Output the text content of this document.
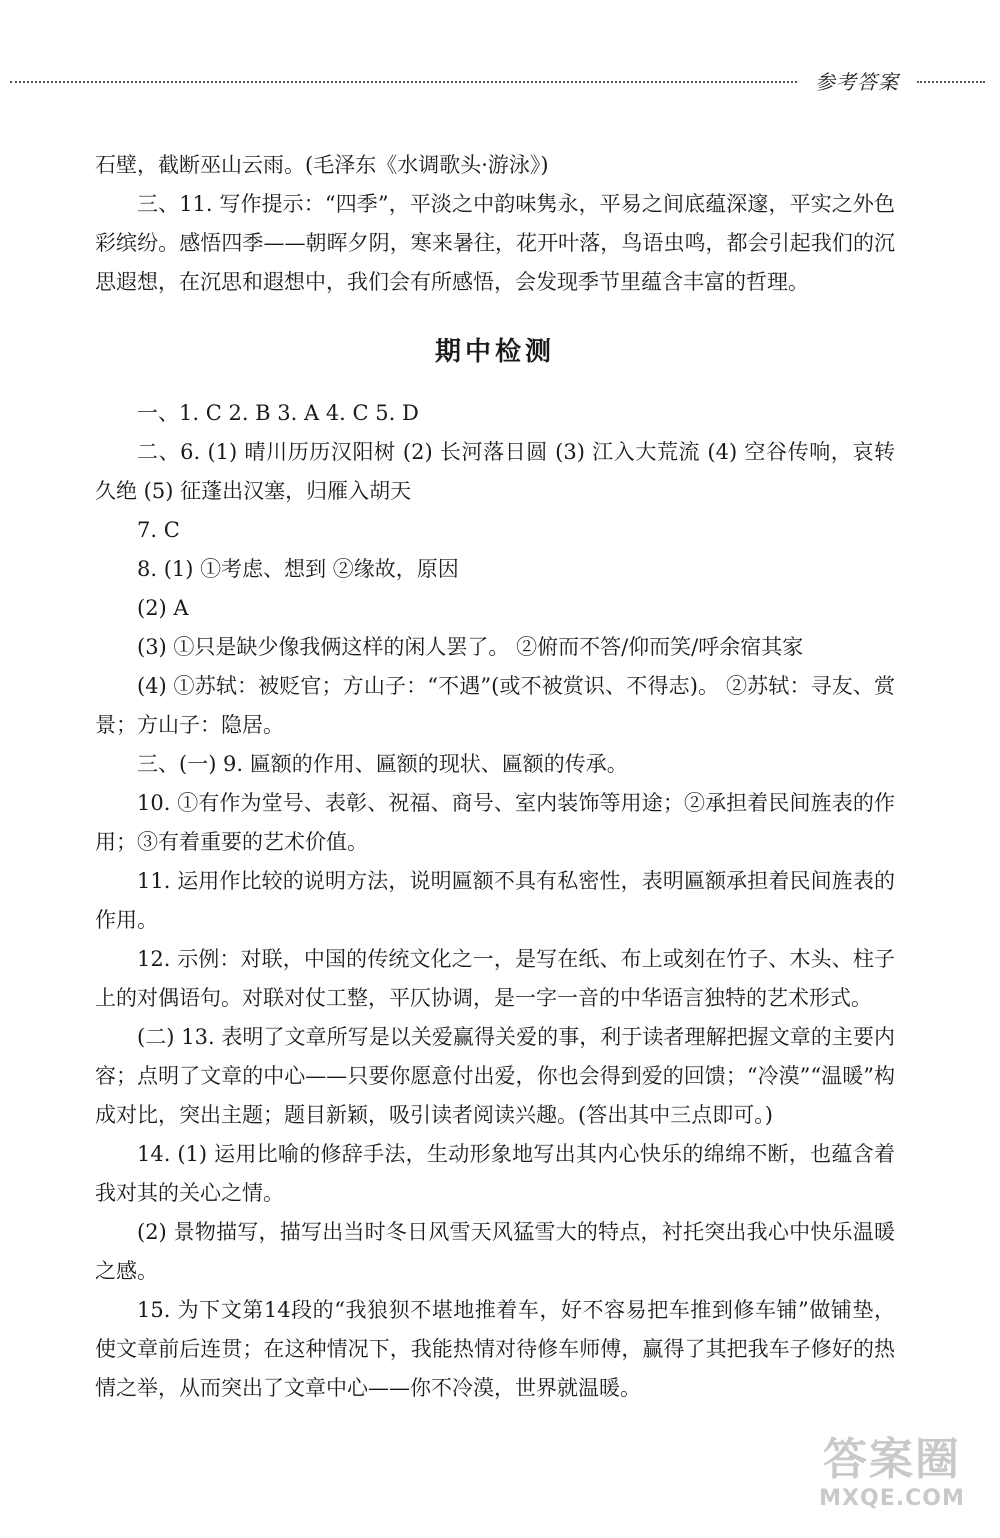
参考答案

石壁，截断巫山云雨。(毛泽东《水调歌头·游泳》)

三、11. 写作提示：“四季”，平淡之中韵味隽永，平易之间底蕴深邃，平实之外色彩缤纷。感悟四季——朝晖夕阴，寒来暑往，花开叶落，鸟语虫鸣，都会引起我们的沉思遐想，在沉思和遐想中，我们会有所感悟，会发现季节里蕴含丰富的哲理。

期中检测

一、1. C 2. B 3. A 4. C 5. D

二、6. (1) 晴川历历汉阳树 (2) 长河落日圆 (3) 江入大荒流 (4) 空谷传响，哀转久绝 (5) 征蓬出汉塞，归雁入胡天

7. C

8. (1) ①考虑、想到 ②缘故，原因

(2) A

(3) ①只是缺少像我俩这样的闲人罢了。 ②俯而不答/仰而笑/呼余宿其家

(4) ①苏轼：被贬官；方山子：“不遇”(或不被赏识、不得志)。 ②苏轼：寻友、赏景；方山子：隐居。

三、(一) 9. 匾额的作用、匾额的现状、匾额的传承。

10. ①有作为堂号、表彰、祝福、商号、室内装饰等用途；②承担着民间旌表的作用；③有着重要的艺术价值。

11. 运用作比较的说明方法，说明匾额不具有私密性，表明匾额承担着民间旌表的作用。

12. 示例：对联，中国的传统文化之一，是写在纸、布上或刻在竹子、木头、柱子上的对偶语句。对联对仗工整，平仄协调，是一字一音的中华语言独特的艺术形式。

(二) 13. 表明了文章所写是以关爱赢得关爱的事，利于读者理解把握文章的主要内容；点明了文章的中心——只要你愿意付出爱，你也会得到爱的回馈；“冷漠”“温暖”构成对比，突出主题；题目新颖，吸引读者阅读兴趣。(答出其中三点即可。)

14. (1) 运用比喻的修辞手法，生动形象地写出其内心快乐的绵绵不断，也蕴含着我对其的关心之情。

(2) 景物描写，描写出当时冬日风雪天风猛雪大的特点，衬托突出我心中快乐温暖之感。

15. 为下文第14段的“我狼狈不堪地推着车，好不容易把车推到修车铺”做铺垫，使文章前后连贯；在这种情况下，我能热情对待修车师傅，赢得了其把我车子修好的热情之举，从而突出了文章中心——你不冷漠，世界就温暖。

答案圈
MXQE.COM
